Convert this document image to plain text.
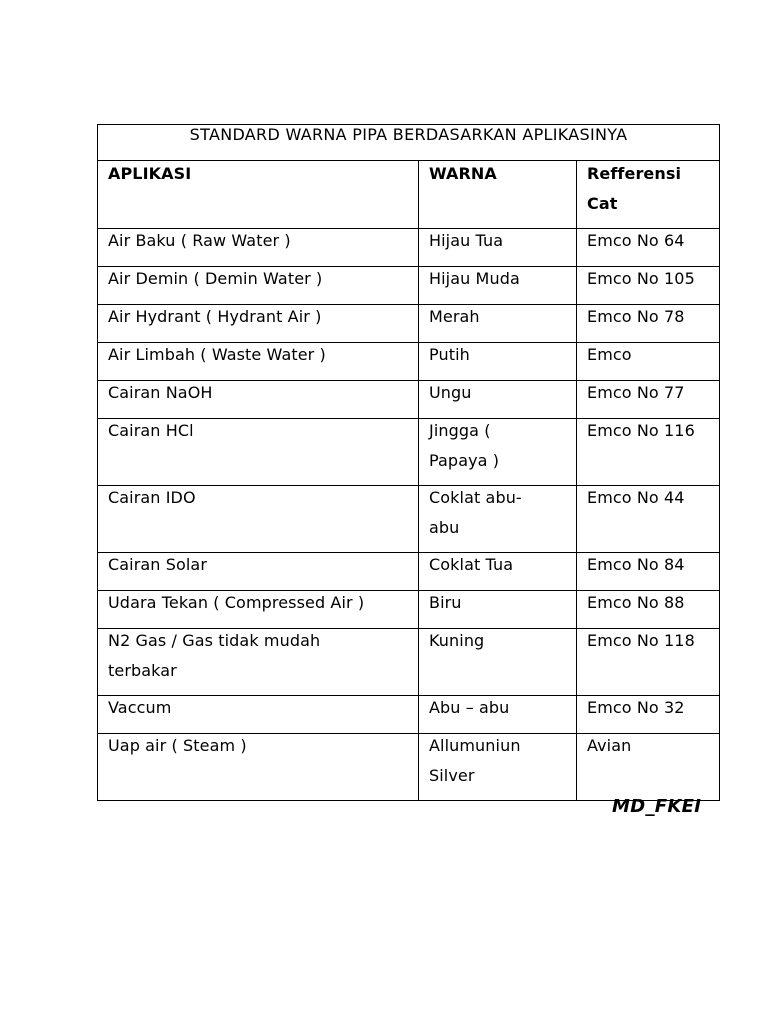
STANDARD WARNA PIPA BERDASARKAN APLIKASINYA		

APLIKASI	WARNA	Refferensi Cat

Air Baku ( Raw Water )	Hijau Tua	Emco No 64

Air Demin ( Demin Water )	Hijau Muda	Emco No 105

Air Hydrant ( Hydrant Air )	Merah	Emco No 78

Air Limbah ( Waste Water )	Putih	Emco

Cairan NaOH	Ungu	Emco No 77

Cairan HCl	Jingga ( Papaya )	Emco No 116

Cairan IDO	Coklat abu-abu	Emco No 44

Cairan Solar	Coklat Tua	Emco No 84

Udara Tekan ( Compressed Air )	Biru	Emco No 88

N2 Gas / Gas tidak mudah terbakar	Kuning	Emco No 118

Vaccum	Abu – abu	Emco No 32

Uap air ( Steam )	Allumuniun Silver	Avian
MD_FKEI
